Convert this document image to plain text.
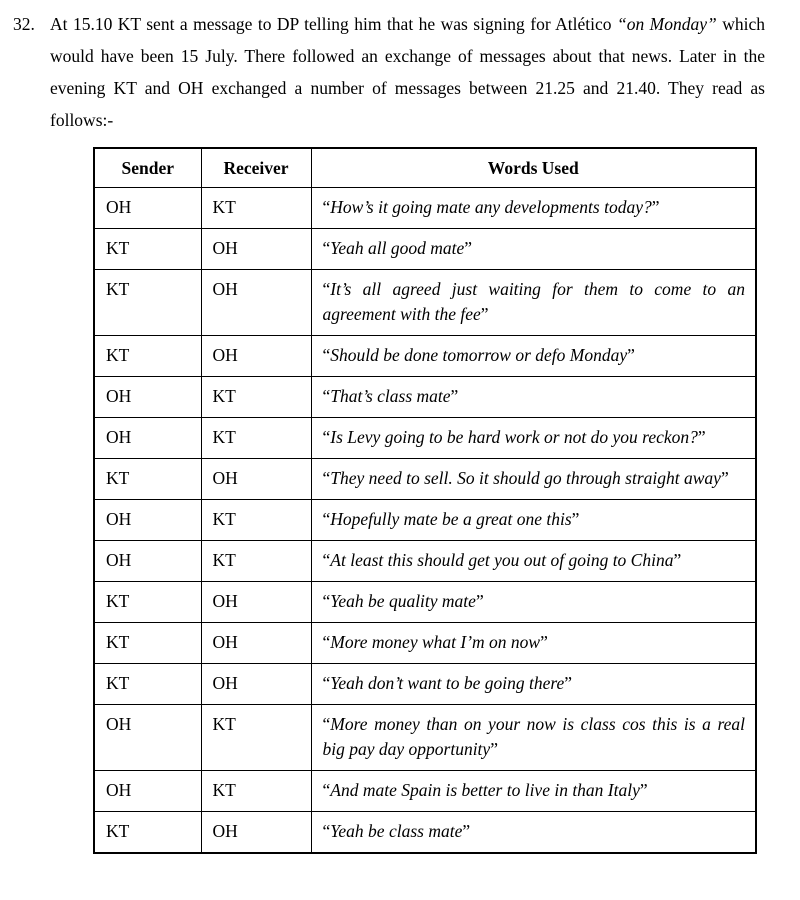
32. At 15.10 KT sent a message to DP telling him that he was signing for Atlético “on Monday” which would have been 15 July. There followed an exchange of messages about that news. Later in the evening KT and OH exchanged a number of messages between 21.25 and 21.40. They read as follows:-
Sender	Receiver	Words Used
OH	KT	“How’s it going mate any developments today?”
KT	OH	“Yeah all good mate”
KT	OH	“It’s all agreed just waiting for them to come to an agreement with the fee”
KT	OH	“Should be done tomorrow or defo Monday”
OH	KT	“That’s class mate”
OH	KT	“Is Levy going to be hard work or not do you reckon?”
KT	OH	“They need to sell. So it should go through straight away”
OH	KT	“Hopefully mate be a great one this”
OH	KT	“At least this should get you out of going to China”
KT	OH	“Yeah be quality mate”
KT	OH	“More money what I’m on now”
KT	OH	“Yeah don’t want to be going there”
OH	KT	“More money than on your now is class cos this is a real big pay day opportunity”
OH	KT	“And mate Spain is better to live in than Italy”
KT	OH	“Yeah be class mate”
